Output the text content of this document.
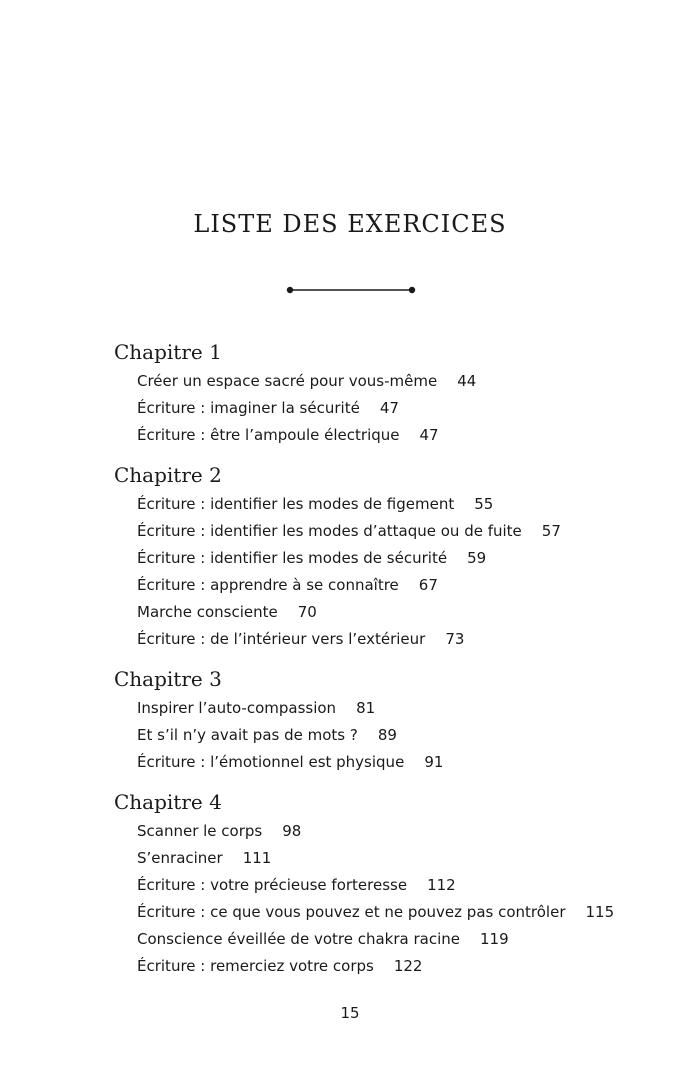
LISTE DES EXERCICES
Chapitre 1
Créer un espace sacré pour vous-même 44
Écriture : imaginer la sécurité 47
Écriture : être l’ampoule électrique 47
Chapitre 2
Écriture : identifier les modes de figement 55
Écriture : identifier les modes d’attaque ou de fuite 57
Écriture : identifier les modes de sécurité 59
Écriture : apprendre à se connaître 67
Marche consciente 70
Écriture : de l’intérieur vers l’extérieur 73
Chapitre 3
Inspirer l’auto-compassion 81
Et s’il n’y avait pas de mots ? 89
Écriture : l’émotionnel est physique 91
Chapitre 4
Scanner le corps 98
S’enraciner 111
Écriture : votre précieuse forteresse 112
Écriture : ce que vous pouvez et ne pouvez pas contrôler 115
Conscience éveillée de votre chakra racine 119
Écriture : remerciez votre corps 122
15
